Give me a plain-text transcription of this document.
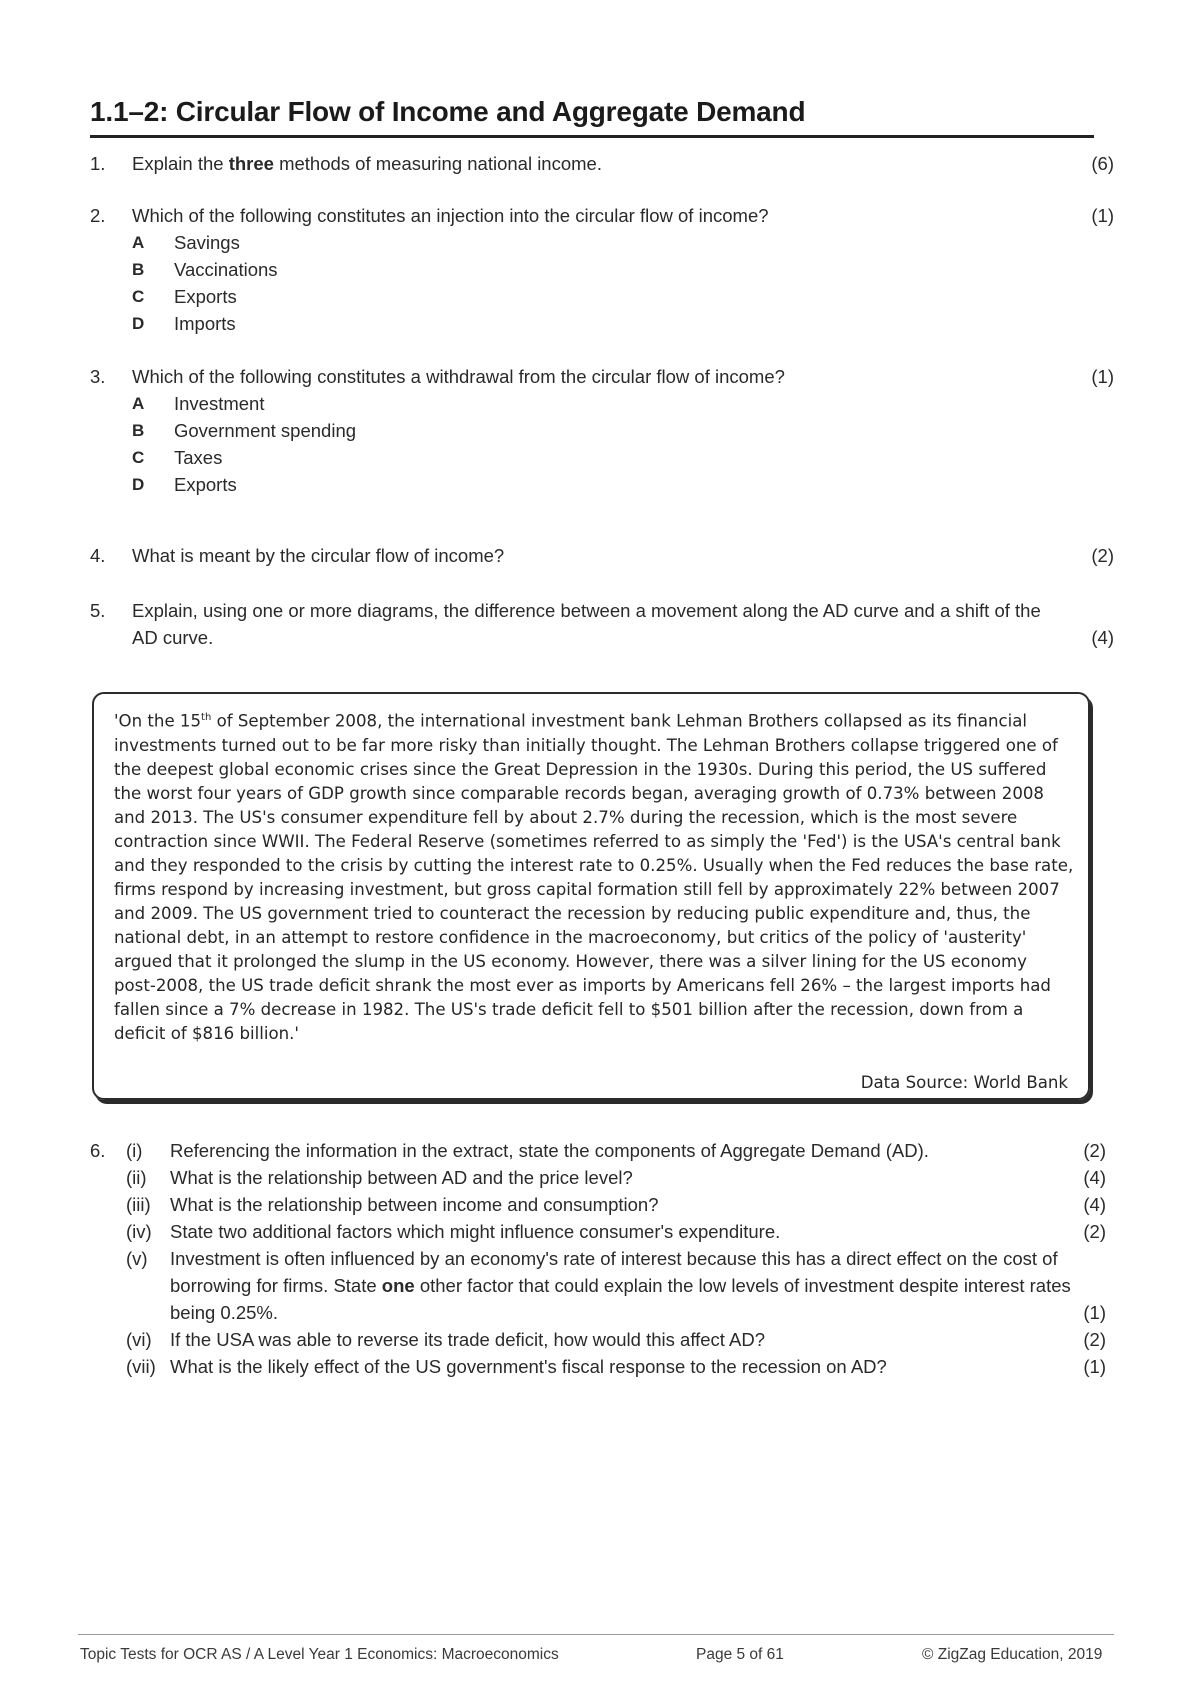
1.1–2: Circular Flow of Income and Aggregate Demand
1. Explain the three methods of measuring national income.	(6)
2. Which of the following constitutes an injection into the circular flow of income?	(1)
A Savings
B Vaccinations
C Exports
D Imports
3. Which of the following constitutes a withdrawal from the circular flow of income?	(1)
A Investment
B Government spending
C Taxes
D Exports
4. What is meant by the circular flow of income?	(2)
5. Explain, using one or more diagrams, the difference between a movement along the AD curve and a shift of the AD curve.	(4)
'On the 15th of September 2008, the international investment bank Lehman Brothers collapsed as its financial investments turned out to be far more risky than initially thought. The Lehman Brothers collapse triggered one of the deepest global economic crises since the Great Depression in the 1930s. During this period, the US suffered the worst four years of GDP growth since comparable records began, averaging growth of 0.73% between 2008 and 2013. The US's consumer expenditure fell by about 2.7% during the recession, which is the most severe contraction since WWII. The Federal Reserve (sometimes referred to as simply the 'Fed') is the USA's central bank and they responded to the crisis by cutting the interest rate to 0.25%. Usually when the Fed reduces the base rate, firms respond by increasing investment, but gross capital formation still fell by approximately 22% between 2007 and 2009. The US government tried to counteract the recession by reducing public expenditure and, thus, the national debt, in an attempt to restore confidence in the macroeconomy, but critics of the policy of 'austerity' argued that it prolonged the slump in the US economy. However, there was a silver lining for the US economy post-2008, the US trade deficit shrank the most ever as imports by Americans fell 26% – the largest imports had fallen since a 7% decrease in 1982. The US's trade deficit fell to $501 billion after the recession, down from a deficit of $816 billion.'
Data Source: World Bank
6. (i) Referencing the information in the extract, state the components of Aggregate Demand (AD).	(2)
(ii) What is the relationship between AD and the price level?	(4)
(iii) What is the relationship between income and consumption?	(4)
(iv) State two additional factors which might influence consumer's expenditure.	(2)
(v) Investment is often influenced by an economy's rate of interest because this has a direct effect on the cost of borrowing for firms. State one other factor that could explain the low levels of investment despite interest rates being 0.25%.	(1)
(vi) If the USA was able to reverse its trade deficit, how would this affect AD?	(2)
(vii) What is the likely effect of the US government's fiscal response to the recession on AD?	(1)
Topic Tests for OCR AS / A Level Year 1 Economics: Macroeconomics	Page 5 of 61	© ZigZag Education, 2019
